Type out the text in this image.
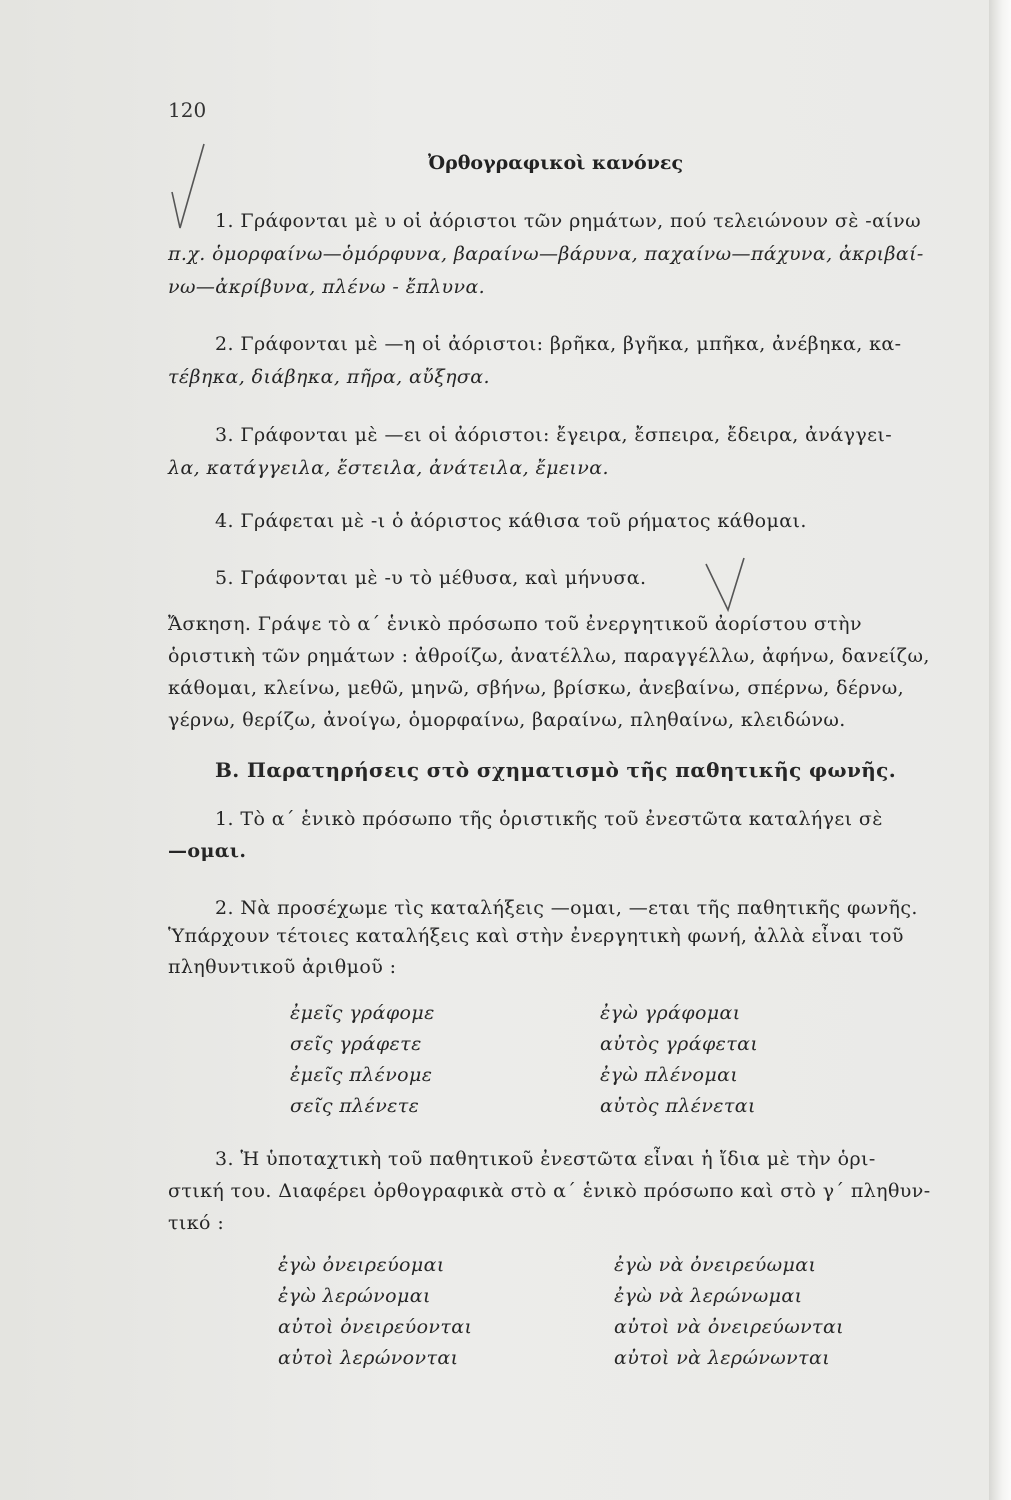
120
Ὀρθογραφικοὶ κανόνες
1. Γράφονται μὲ υ οἱ ἀόριστοι τῶν ρημάτων, πού τελειώνουν σὲ -αίνω
π.χ. ὁμορφαίνω—ὁμόρφυνα, βαραίνω—βάρυνα, παχαίνω—πάχυνα, ἀκριβαί-
νω—ἀκρίβυνα, πλένω - ἔπλυνα.
2. Γράφονται μὲ —η οἱ ἀόριστοι: βρῆκα, βγῆκα, μπῆκα, ἀνέβηκα, κα-
τέβηκα, διάβηκα, πῆρα, αὔξησα.
3. Γράφονται μὲ —ει οἱ ἀόριστοι: ἔγειρα, ἔσπειρα, ἔδειρα, ἀνάγγει-
λα, κατάγγειλα, ἔστειλα, ἀνάτειλα, ἔμεινα.
4. Γράφεται μὲ -ι ὁ ἀόριστος κάθισα τοῦ ρήματος κάθομαι.
5. Γράφονται μὲ -υ τὸ μέθυσα, καὶ μήνυσα.
Ἄσκηση. Γράψε τὸ α΄ ἑνικὸ πρόσωπο τοῦ ἐνεργητικοῦ ἀορίστου στὴν
ὁριστικὴ τῶν ρημάτων : ἀθροίζω, ἀνατέλλω, παραγγέλλω, ἀφήνω, δανείζω,
κάθομαι, κλείνω, μεθῶ, μηνῶ, σβήνω, βρίσκω, ἀνεβαίνω, σπέρνω, δέρνω,
γέρνω, θερίζω, ἀνοίγω, ὁμορφαίνω, βαραίνω, πληθαίνω, κλειδώνω.
Β. Παρατηρήσεις στὸ σχηματισμὸ τῆς παθητικῆς φωνῆς.
1. Τὸ α΄ ἑνικὸ πρόσωπο τῆς ὁριστικῆς τοῦ ἐνεστῶτα καταλήγει σὲ
—ομαι.
2. Νὰ προσέχωμε τὶς καταλήξεις —ομαι, —εται τῆς παθητικῆς φωνῆς.
Ὑπάρχουν τέτοιες καταλήξεις καὶ στὴν ἐνεργητικὴ φωνή, ἀλλὰ εἶναι τοῦ
πληθυντικοῦ ἀριθμοῦ :
ἐμεῖς γράφομε
σεῖς γράφετε
ἐμεῖς πλένομε
σεῖς πλένετε
ἐγὼ γράφομαι
αὐτὸς γράφεται
ἐγὼ πλένομαι
αὐτὸς πλένεται
3. Ἡ ὑποταχτικὴ τοῦ παθητικοῦ ἐνεστῶτα εἶναι ἡ ἴδια μὲ τὴν ὁρι-
στική του. Διαφέρει ὀρθογραφικὰ στὸ α΄ ἑνικὸ πρόσωπο καὶ στὸ γ΄ πληθυν-
τικό :
ἐγὼ ὀνειρεύομαι
ἐγὼ λερώνομαι
αὐτοὶ ὀνειρεύονται
αὐτοὶ λερώνονται
ἐγὼ νὰ ὀνειρεύωμαι
ἐγὼ νὰ λερώνωμαι
αὐτοὶ νὰ ὀνειρεύωνται
αὐτοὶ νὰ λερώνωνται
